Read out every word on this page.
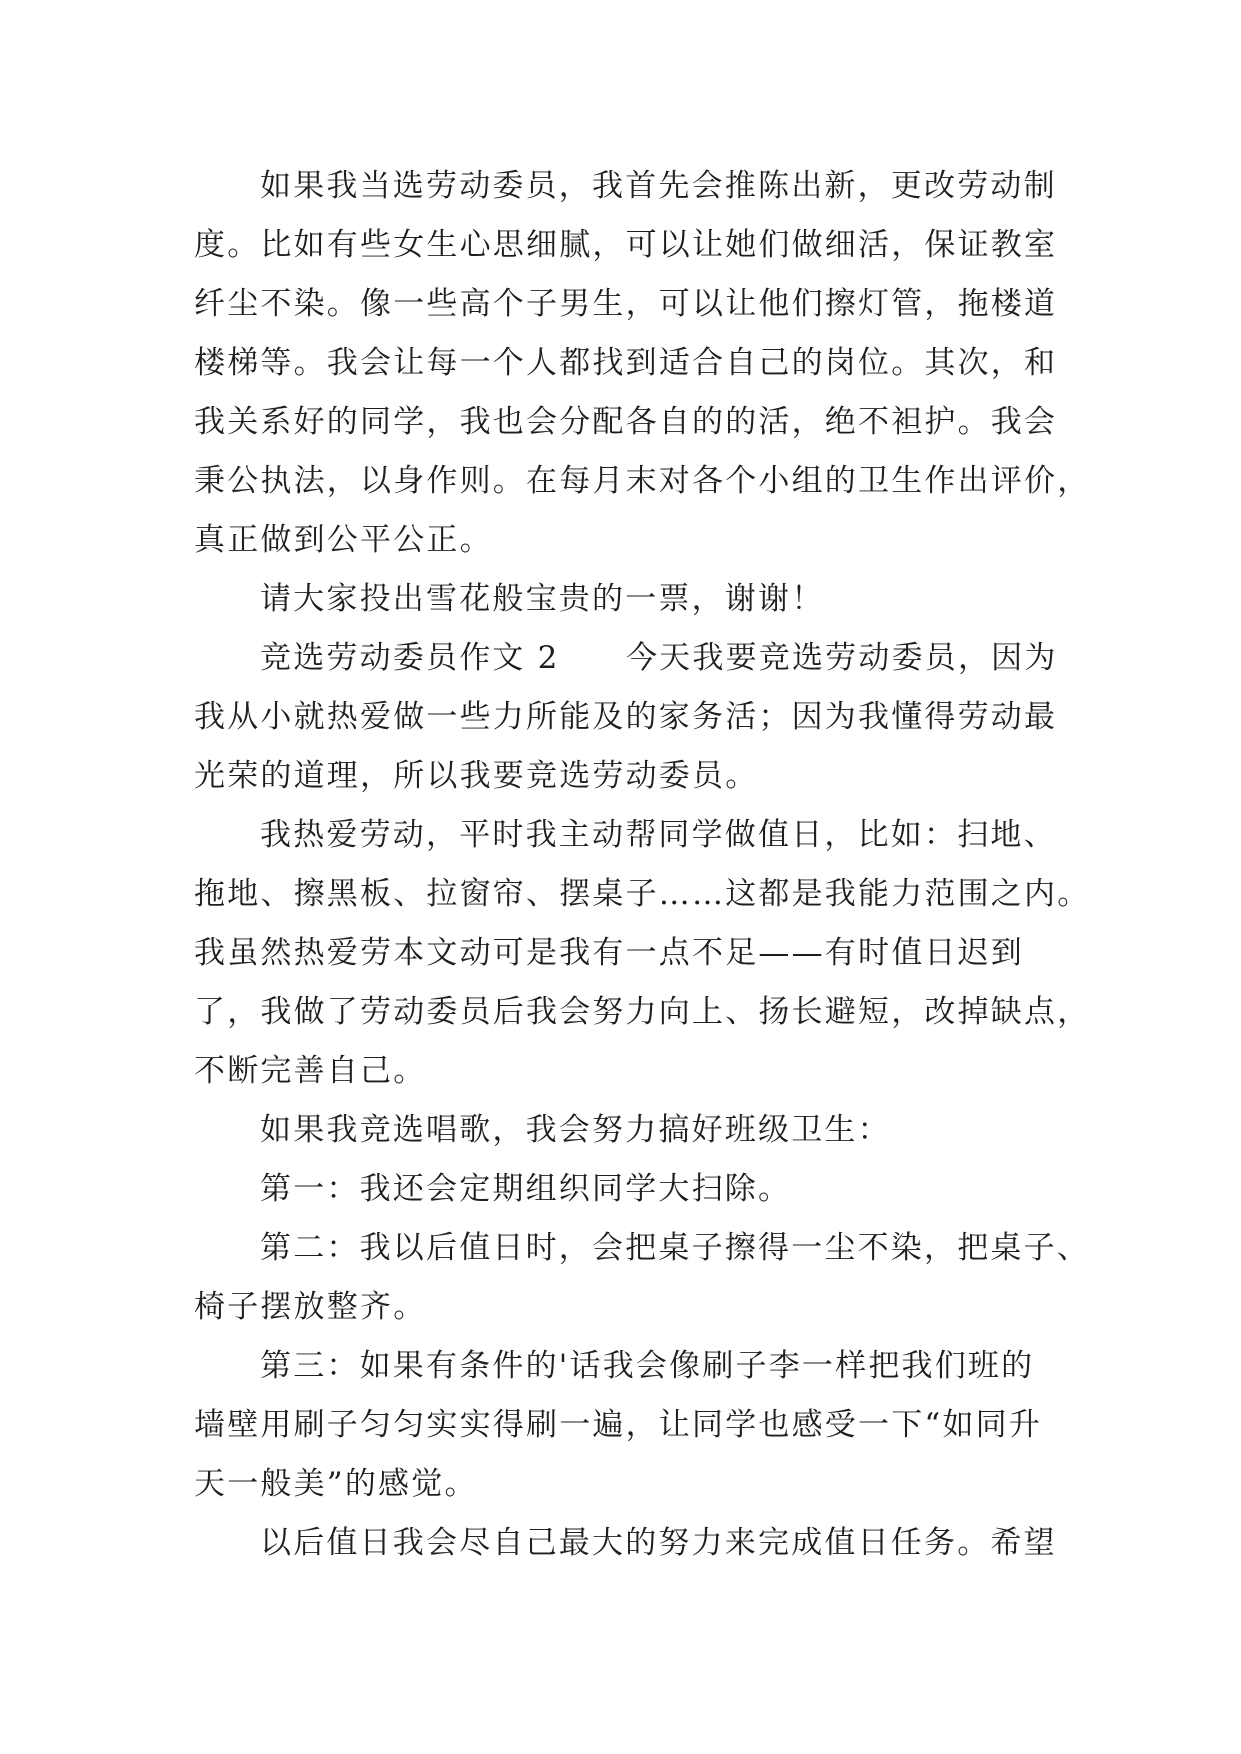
如果我当选劳动委员，我首先会推陈出新，更改劳动制
度。比如有些女生心思细腻，可以让她们做细活，保证教室
纤尘不染。像一些高个子男生，可以让他们擦灯管，拖楼道
楼梯等。我会让每一个人都找到适合自己的岗位。其次，和
我关系好的同学，我也会分配各自的的活，绝不袒护。我会
秉公执法，以身作则。在每月末对各个小组的卫生作出评价，
真正做到公平公正。
请大家投出雪花般宝贵的一票，谢谢！
竞选劳动委员作文 2　　今天我要竞选劳动委员，因为
我从小就热爱做一些力所能及的家务活；因为我懂得劳动最
光荣的道理，所以我要竞选劳动委员。
我热爱劳动，平时我主动帮同学做值日，比如：扫地、
拖地、擦黑板、拉窗帘、摆桌子……这都是我能力范围之内。
我虽然热爱劳本文动可是我有一点不足——有时值日迟到
了，我做了劳动委员后我会努力向上、扬长避短，改掉缺点，
不断完善自己。
如果我竞选唱歌，我会努力搞好班级卫生：
第一：我还会定期组织同学大扫除。
第二：我以后值日时，会把桌子擦得一尘不染，把桌子、
椅子摆放整齐。
第三：如果有条件的'话我会像刷子李一样把我们班的
墙壁用刷子匀匀实实得刷一遍，让同学也感受一下“如同升
天一般美”的感觉。
以后值日我会尽自己最大的努力来完成值日任务。希望
